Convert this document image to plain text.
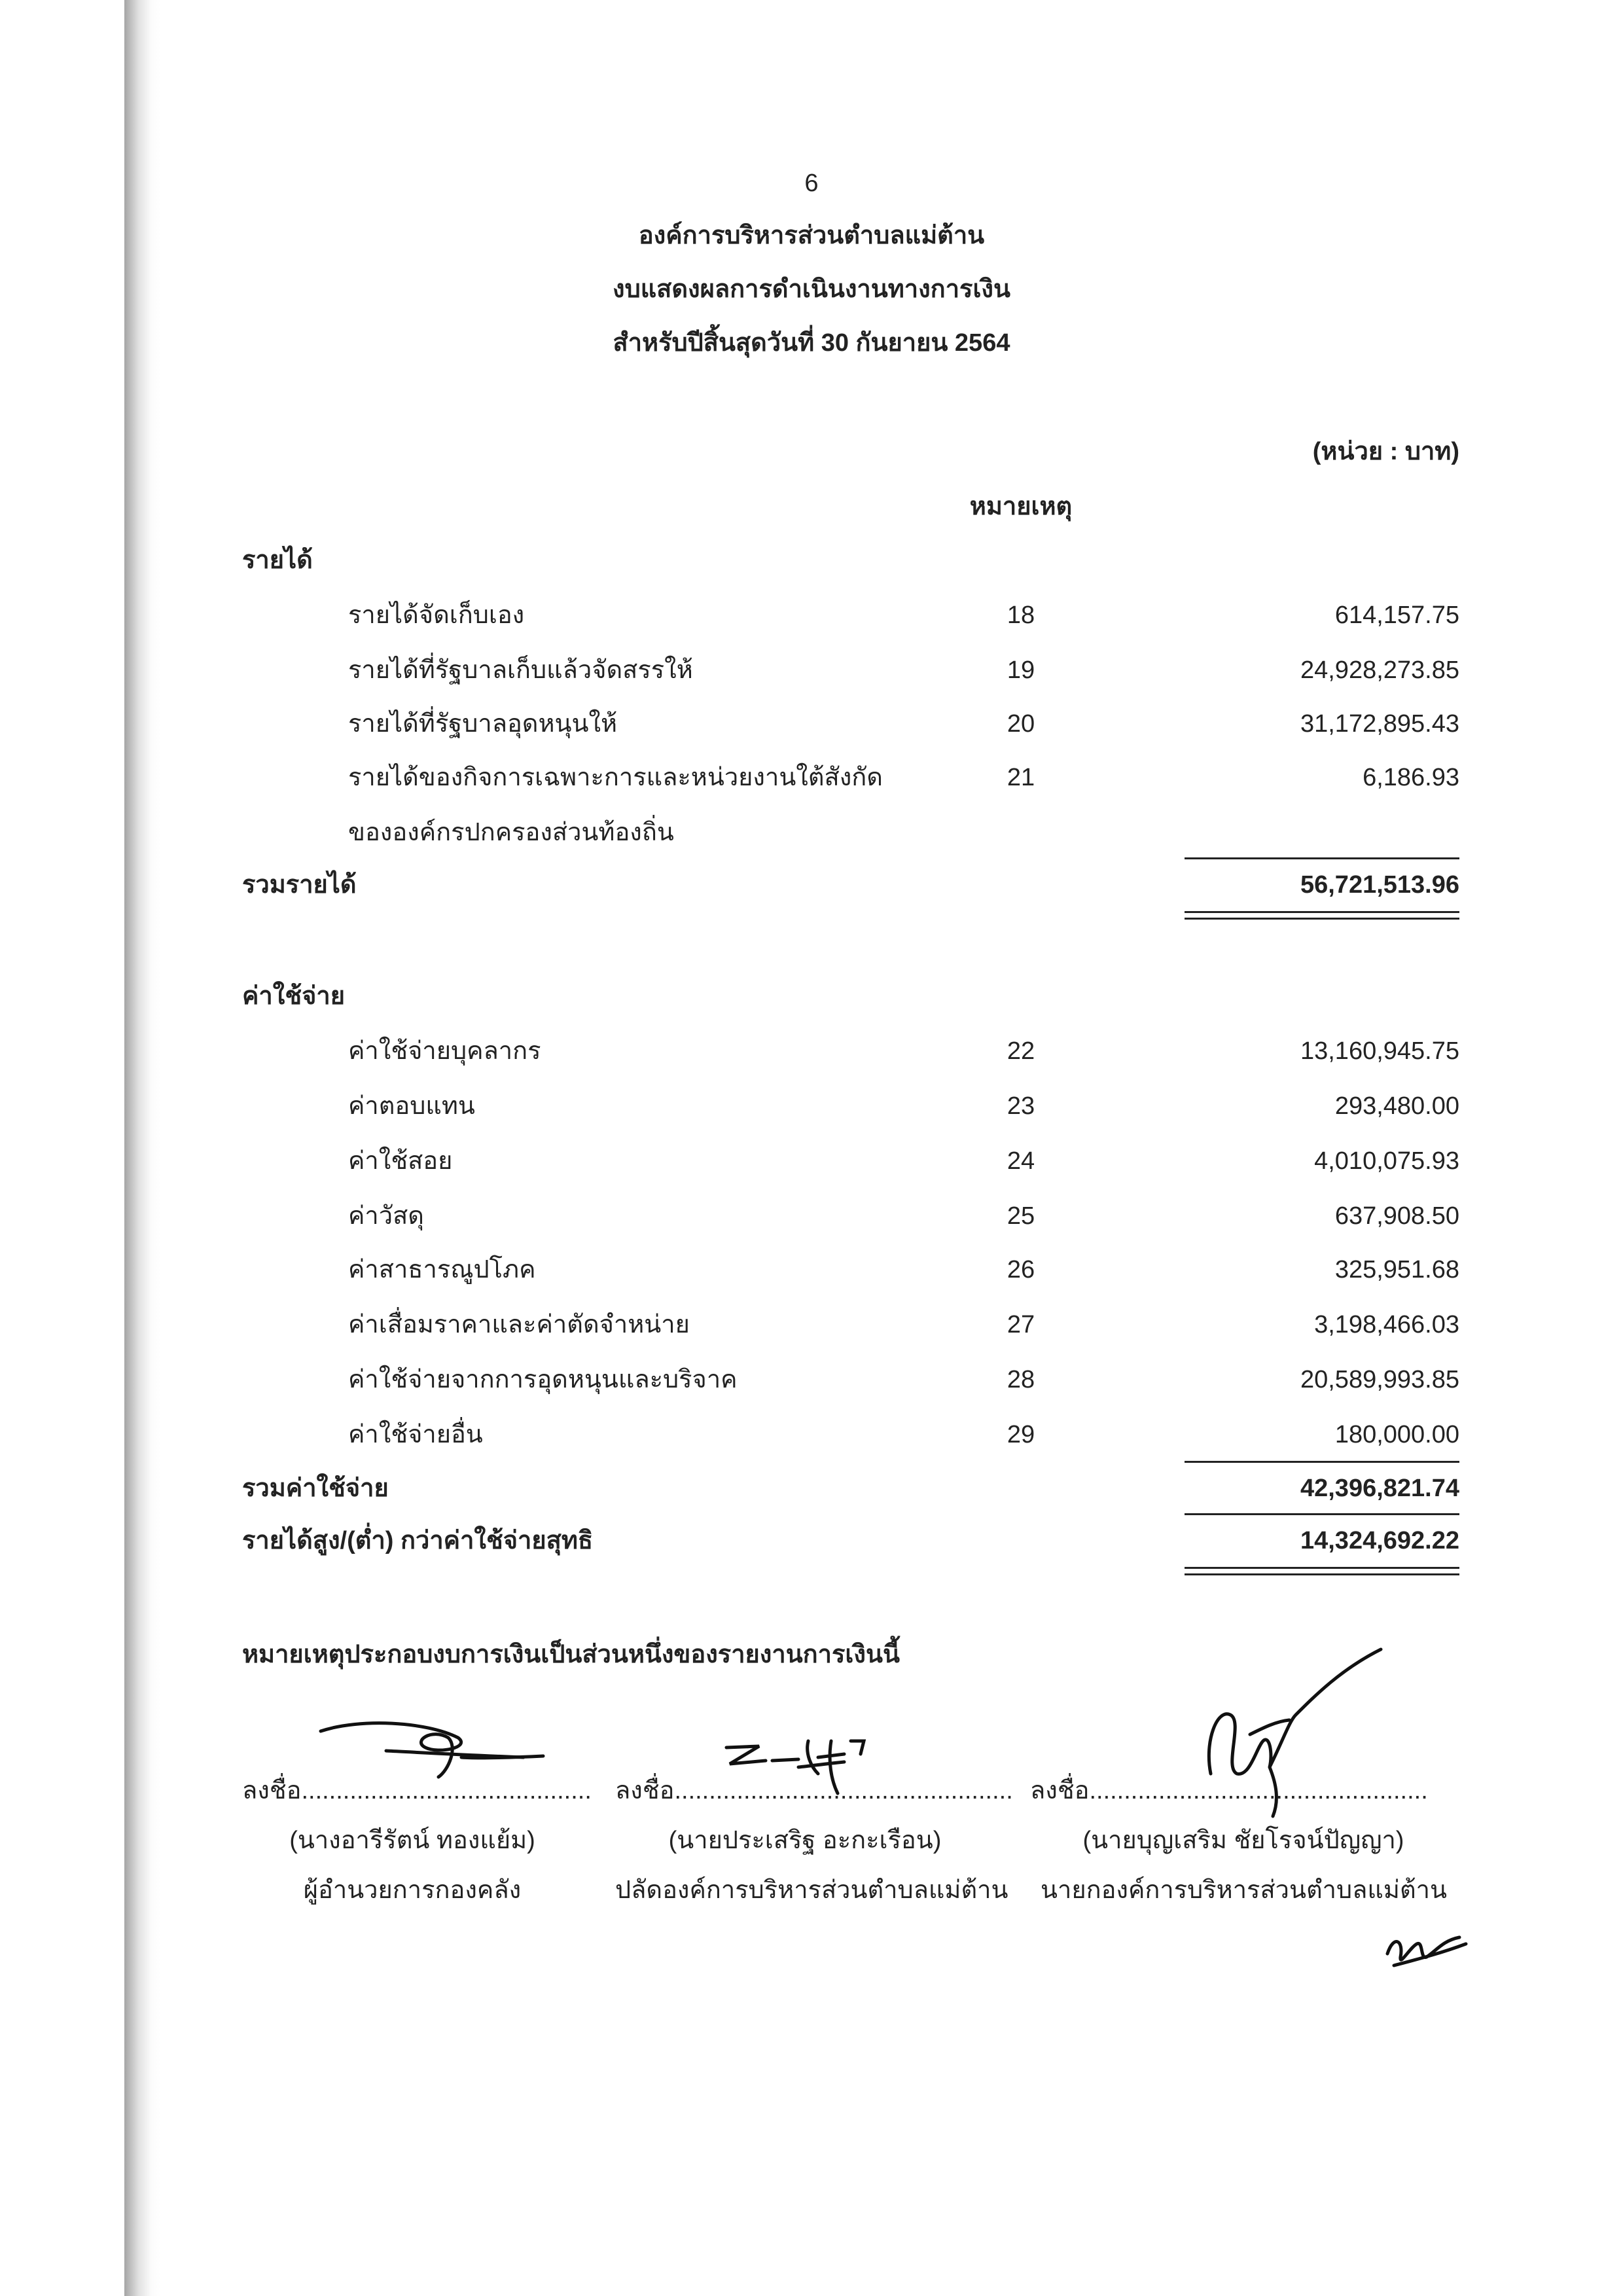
6
องค์การบริหารส่วนตำบลแม่ต้าน
งบแสดงผลการดำเนินงานทางการเงิน
สำหรับปีสิ้นสุดวันที่ 30 กันยายน 2564
(หน่วย : บาท)
หมายเหตุ
รายได้
รายได้จัดเก็บเอง	18	614,157.75
รายได้ที่รัฐบาลเก็บแล้วจัดสรรให้	19	24,928,273.85
รายได้ที่รัฐบาลอุดหนุนให้	20	31,172,895.43
รายได้ของกิจการเฉพาะการและหน่วยงานใต้สังกัด	21	6,186.93
ขององค์กรปกครองส่วนท้องถิ่น
รวมรายได้	56,721,513.96
ค่าใช้จ่าย
ค่าใช้จ่ายบุคลากร	22	13,160,945.75
ค่าตอบแทน	23	293,480.00
ค่าใช้สอย	24	4,010,075.93
ค่าวัสดุ	25	637,908.50
ค่าสาธารณูปโภค	26	325,951.68
ค่าเสื่อมราคาและค่าตัดจำหน่าย	27	3,198,466.03
ค่าใช้จ่ายจากการอุดหนุนและบริจาค	28	20,589,993.85
ค่าใช้จ่ายอื่น	29	180,000.00
รวมค่าใช้จ่าย	42,396,821.74
รายได้สูง/(ต่ำ) กว่าค่าใช้จ่ายสุทธิ	14,324,692.22
หมายเหตุประกอบงบการเงินเป็นส่วนหนึ่งของรายงานการเงินนี้
ลงชื่อ..........................................
(นางอารีรัตน์ ทองแย้ม)
ผู้อำนวยการกองคลัง
ลงชื่อ.................................................
(นายประเสริฐ อะกะเรือน)
ปลัดองค์การบริหารส่วนตำบลแม่ต้าน
ลงชื่อ.................................................
(นายบุญเสริม ชัยโรจน์ปัญญา)
นายกองค์การบริหารส่วนตำบลแม่ต้าน
